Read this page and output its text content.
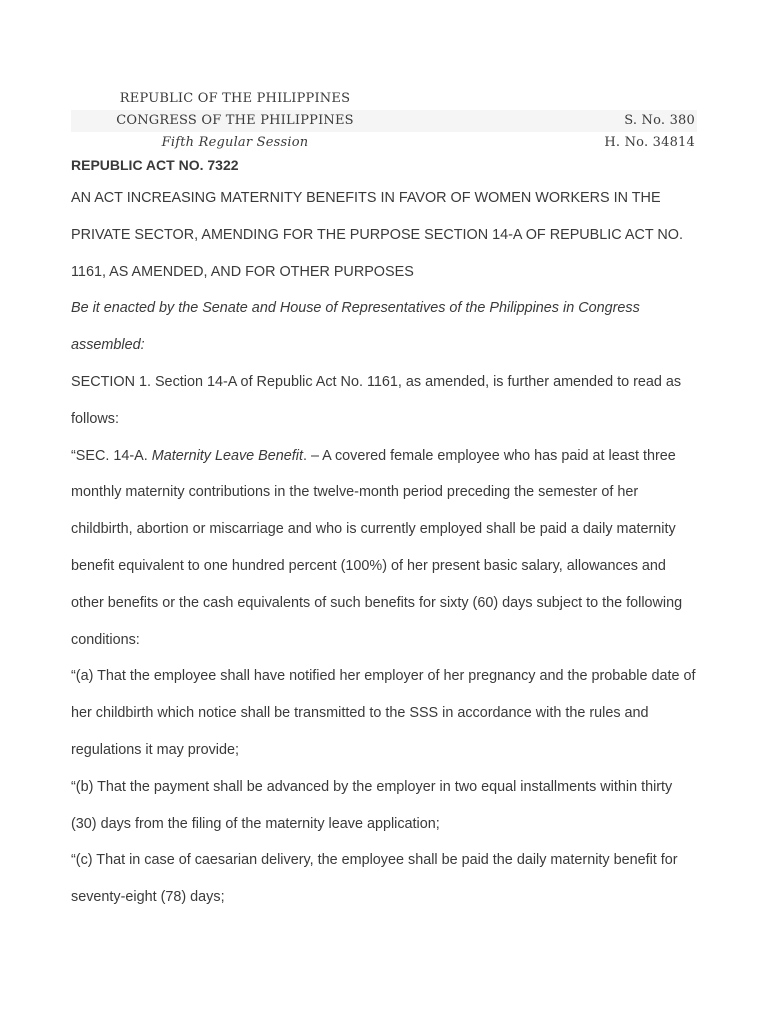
REPUBLIC OF THE PHILIPPINES
CONGRESS OF THE PHILIPPINES	S. No. 380
Fifth Regular Session	H. No. 34814
REPUBLIC ACT NO. 7322

AN ACT INCREASING MATERNITY BENEFITS IN FAVOR OF WOMEN WORKERS IN THE PRIVATE SECTOR, AMENDING FOR THE PURPOSE SECTION 14-A OF REPUBLIC ACT NO. 1161, AS AMENDED, AND FOR OTHER PURPOSES

Be it enacted by the Senate and House of Representatives of the Philippines in Congress assembled:

SECTION 1. Section 14-A of Republic Act No. 1161, as amended, is further amended to read as follows:

“SEC. 14-A. Maternity Leave Benefit. – A covered female employee who has paid at least three monthly maternity contributions in the twelve-month period preceding the semester of her childbirth, abortion or miscarriage and who is currently employed shall be paid a daily maternity benefit equivalent to one hundred percent (100%) of her present basic salary, allowances and other benefits or the cash equivalents of such benefits for sixty (60) days subject to the following conditions:

“(a) That the employee shall have notified her employer of her pregnancy and the probable date of her childbirth which notice shall be transmitted to the SSS in accordance with the rules and regulations it may provide;

“(b) That the payment shall be advanced by the employer in two equal installments within thirty (30) days from the filing of the maternity leave application;

“(c) That in case of caesarian delivery, the employee shall be paid the daily maternity benefit for seventy-eight (78) days;
